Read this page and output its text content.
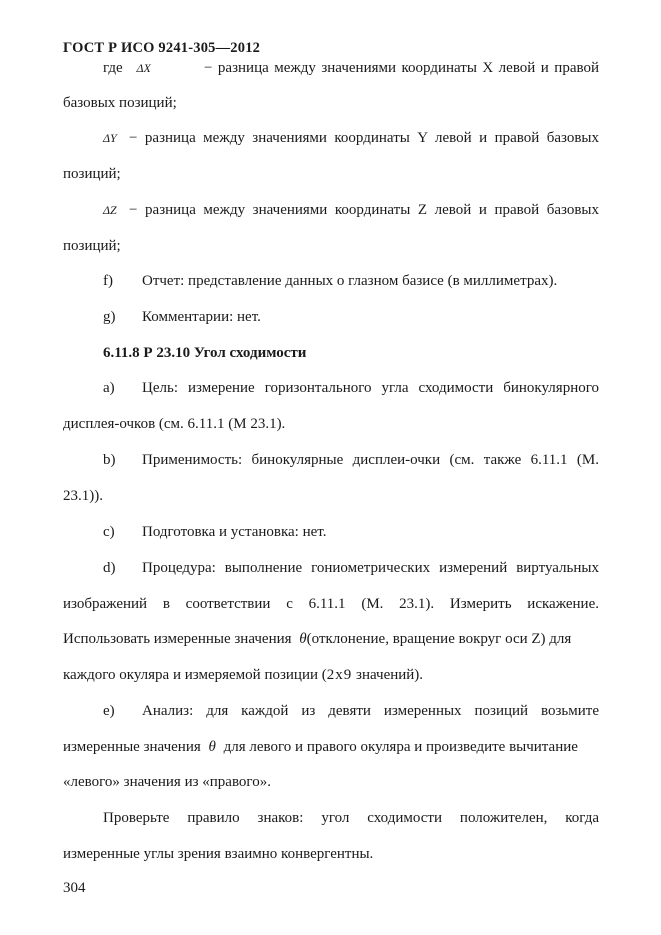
ГОСТ Р ИСО 9241-305—2012
где ΔX	− разница между значениями координаты X левой и правой
базовых позиций;
ΔY − разница между значениями координаты Y левой и правой базовых
позиций;
ΔZ − разница между значениями координаты Z левой и правой базовых
позиций;
f) Отчет: представление данных о глазном базисе (в миллиметрах).
g) Комментарии: нет.
6.11.8 Р 23.10 Угол сходимости
a) Цель: измерение горизонтального угла сходимости бинокулярного
дисплея-очков (см. 6.11.1 (М 23.1).
b) Применимость: бинокулярные дисплеи-очки (см. также 6.11.1 (М.
23.1)).
c) Подготовка и установка: нет.
d) Процедура: выполнение гониометрических измерений виртуальных
изображений в соответствии с 6.11.1 (М. 23.1). Измерить искажение.
Использовать измеренные значения θ(отклонение, вращение вокруг оси Z) для
каждого окуляра и измеряемой позиции (2x9 значений).
e) Анализ: для каждой из девяти измеренных позиций возьмите
измеренные значения θ для левого и правого окуляра и произведите вычитание
«левого» значения из «правого».
Проверьте правило знаков: угол сходимости положителен, когда
измеренные углы зрения взаимно конвергентны.
304
